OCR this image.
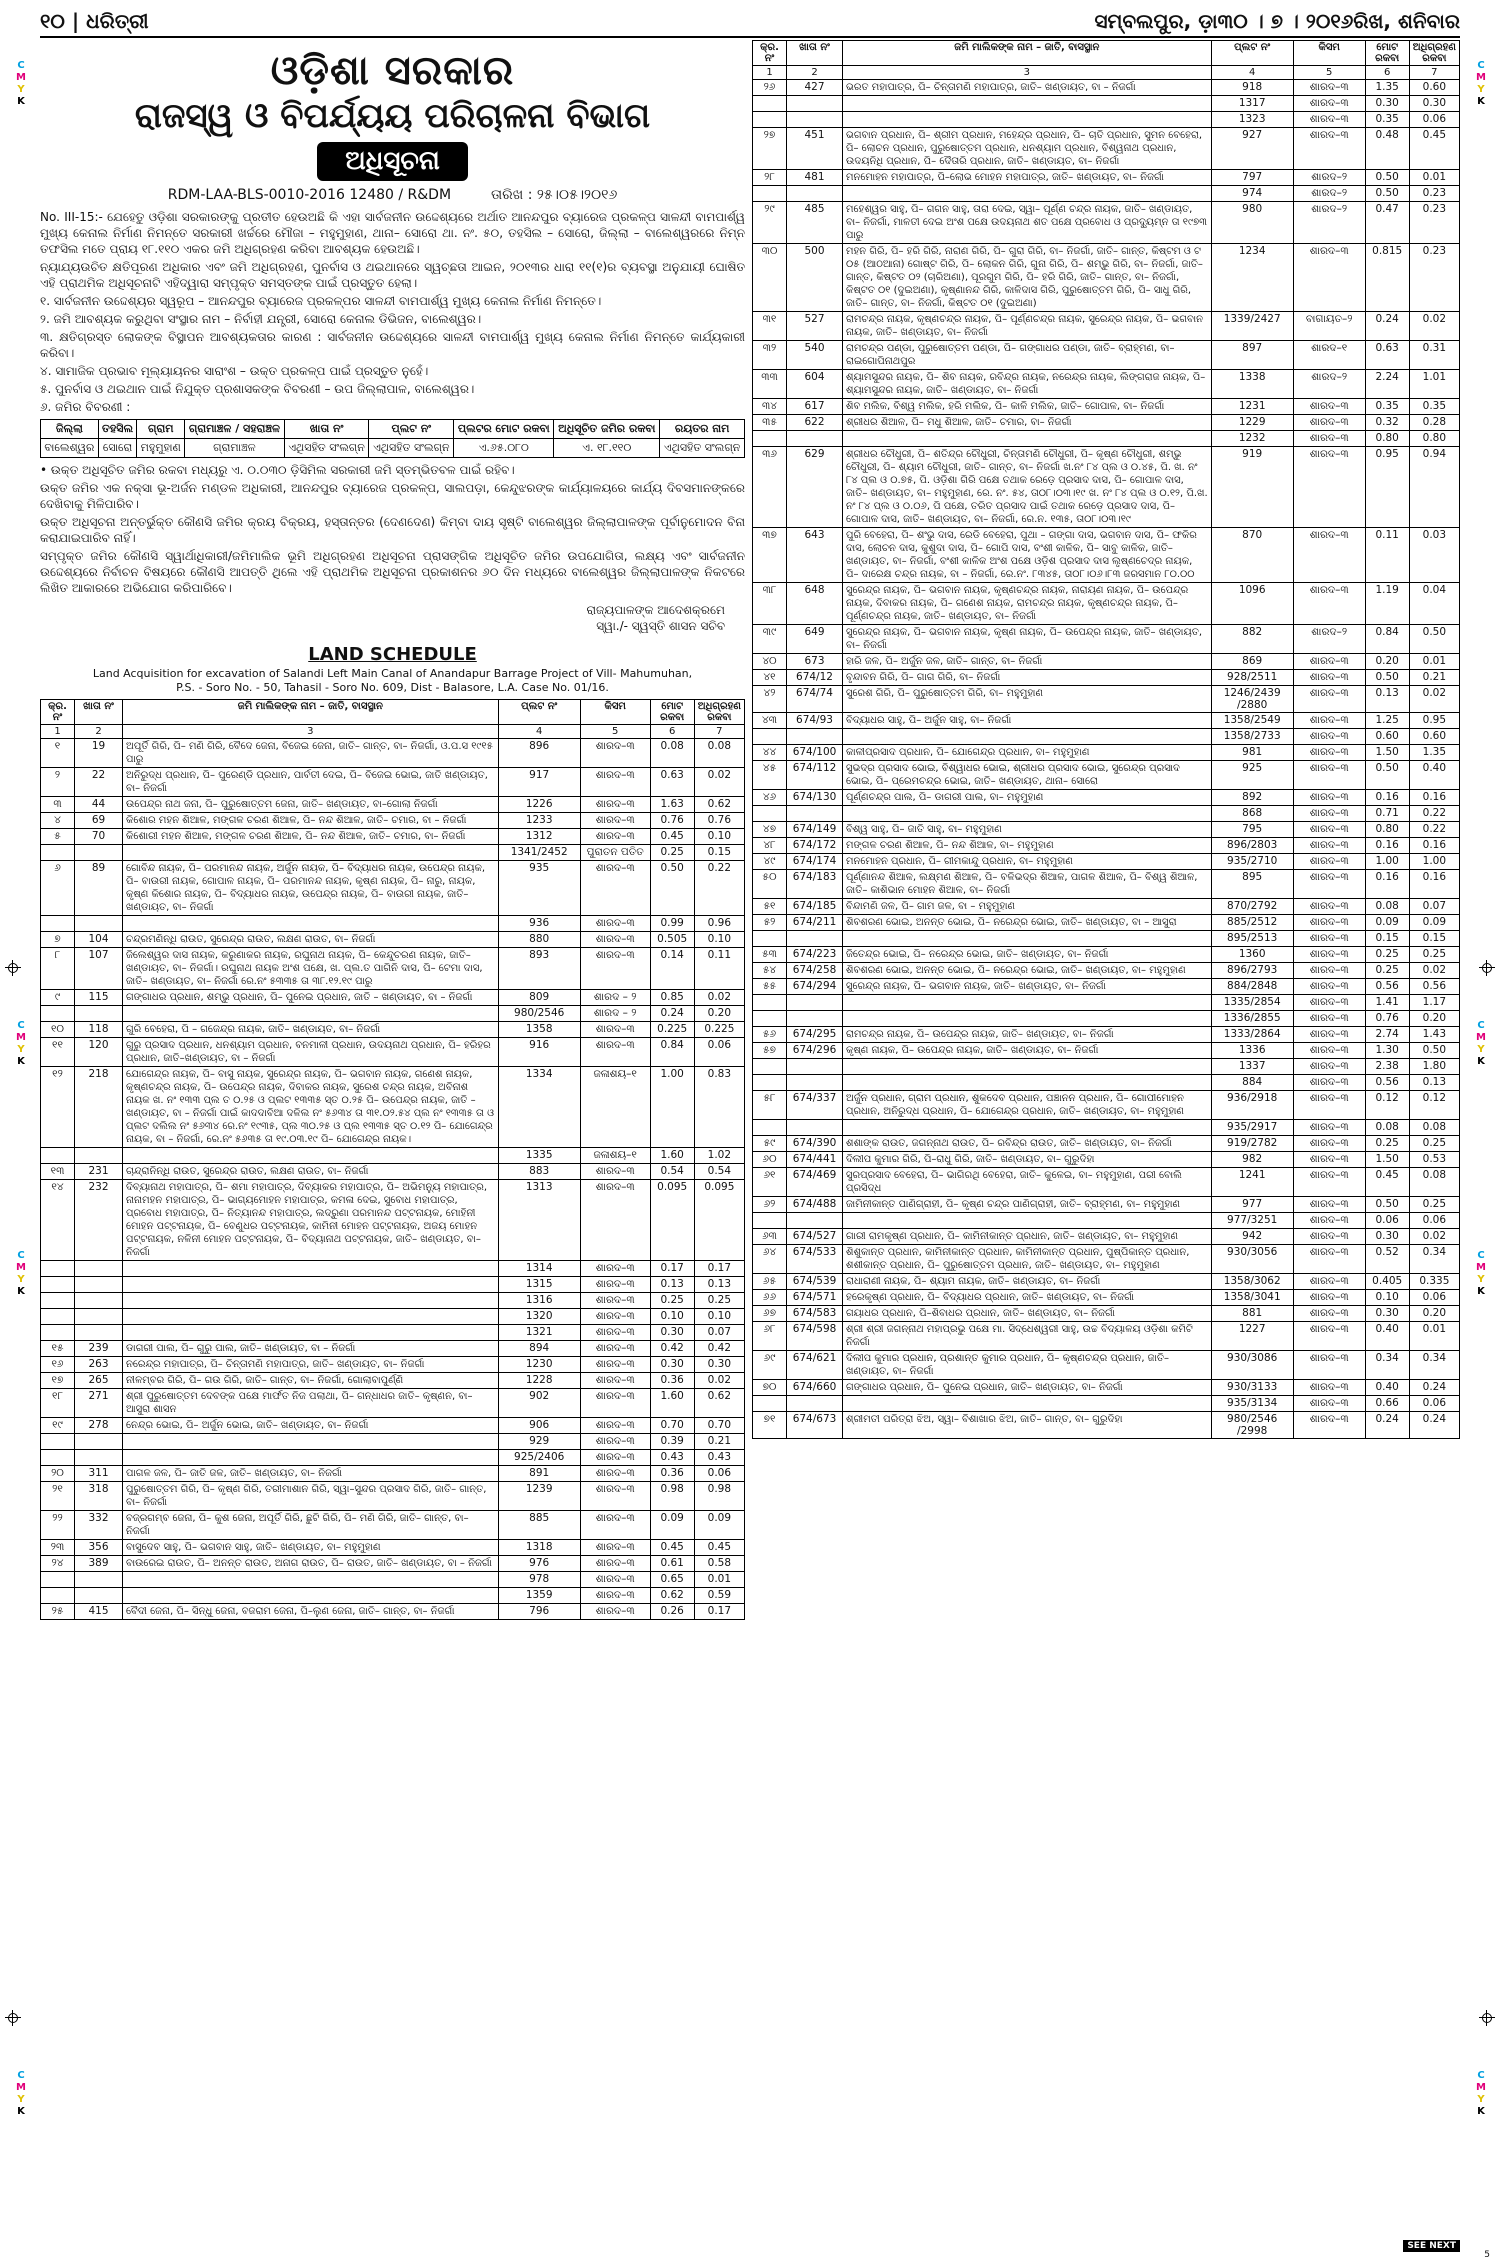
୧୦ | ଧରିତ୍ରୀ	ସମ୍ବଲପୁର, ଡ଼ା୩୦ । ୭ । ୨୦୧୬ରିଖ, ଶନିବାର
ଓଡ଼ିଶା ସରକାର
ରାଜସ୍ୱ ଓ ବିପର୍ଯ୍ୟୟ ପରିଚାଳନା ବିଭାଗ
ଅଧିସୂଚନା
RDM-LAA-BLS-0010-2016 12480 / R&DM	ତାରିଖ : ୨୫।୦୫।୨୦୧୬

No. III-15:- ଯେହେତୁ ଓଡ଼ିଶା ସରକାରଙ୍କୁ ପ୍ରତୀତ ହେଉଅଛି କି ଏହା ସାର୍ବଜନୀନ ଉଦ୍ଦେଶ୍ୟରେ ଅର୍ଥାତ ଆନନ୍ଦପୁର ବ୍ୟାରେଜ ପ୍ରକଳ୍ପ ସାଳନ୍ଦୀ ବାମପାର୍ଶ୍ୱ ମୁଖ୍ୟ କେନାଲ ନିର୍ମାଣ ନିମନ୍ତେ ସରକାରୀ ଖର୍ଚ୍ଚରେ ମୌଜା – ମହୁମୁହାଣ, ଥାନା– ସୋରୋ ଥା. ନଂ. ୫୦, ତହସିଲ – ସୋରୋ, ଜିଲ୍ଲା – ବାଲେଶ୍ୱରରେ ନିମ୍ନ ତଫସିଲ ମତେ ପ୍ରାୟ ୧୮.୧୧୦ ଏକର ଜମି ଅଧିଗ୍ରହଣ କରିବା ଆବଶ୍ୟକ ହେଉଅଛି।

ନ୍ୟାଯ୍ୟଉଚିତ କ୍ଷତିପୂରଣ ଅଧିକାର ଏବଂ ଜମି ଅଧିଗ୍ରହଣ, ପୁନର୍ବାସ ଓ ଥଇଥାନରେ ସ୍ୱଚ୍ଛତା ଆଇନ, ୨୦୧୩ର ଧାରା ୧୧(୧)ର ବ୍ୟବସ୍ଥା ଅନୁଯାୟୀ ଘୋଷିତ ଏହି ପ୍ରାଥମିକ ଅଧିସୂଚନାଟି ଏହିଦ୍ୱାରା ସମ୍ପୃକ୍ତ ସମସ୍ତଙ୍କ ପାଇଁ ପ୍ରସ୍ତୁତ ହେଲା।

୧. ସାର୍ବଜନୀନ ଉଦ୍ଦେଶ୍ୟର ସ୍ୱରୂପ – ଆନନ୍ଦପୁର ବ୍ୟାରେଜ ପ୍ରକଳ୍ପର ସାଳନ୍ଦୀ ବାମପାର୍ଶ୍ୱ ମୁଖ୍ୟ କେନାଲ ନିର୍ମାଣ ନିମନ୍ତେ।

୨. ଜମି ଆବଶ୍ୟକ କରୁଥିବା ସଂସ୍ଥାର ନାମ – ନିର୍ବାହୀ ଯନ୍ତ୍ରୀ, ସୋରୋ କେନାଲ ଡିଭିଜନ, ବାଲେଶ୍ୱର।

୩. କ୍ଷତିଗ୍ରସ୍ତ ଲୋକଙ୍କ ବିସ୍ଥାପନ ଆବଶ୍ୟକତାର କାରଣ : ସାର୍ବଜନୀନ ଉଦ୍ଦେଶ୍ୟରେ ସାଳନ୍ଦୀ ବାମପାର୍ଶ୍ୱ ମୁଖ୍ୟ କେନାଲ ନିର୍ମାଣ ନିମନ୍ତେ କାର୍ଯ୍ୟକାରୀ କରିବା।

୪. ସାମାଜିକ ପ୍ରଭାବ ମୂଲ୍ୟାୟନର ସାରାଂଶ – ଉକ୍ତ ପ୍ରକଳ୍ପ ପାଇଁ ପ୍ରସ୍ତୁତ ନୁହେଁ।

୫. ପୁନର୍ବାସ ଓ ଥଇଥାନ ପାଇଁ ନିଯୁକ୍ତ ପ୍ରଶାସକଙ୍କ ବିବରଣୀ – ଉପ ଜିଲ୍ଲାପାଳ, ବାଲେଶ୍ୱର।

୬. ଜମିର ବିବରଣୀ :

ଜିଲ୍ଲା	ତହସିଲ	ଗ୍ରାମ	ଗ୍ରାମାଞ୍ଚଳ / ସହରାଞ୍ଚଳ	ଖାତା ନଂ	ପ୍ଲଟ ନଂ	ପ୍ଲଟର ମୋଟ ରକବା	ଅଧିସୂଚିତ ଜମିର ରକବା	ରୟତର ନାମ
ବାଲେଶ୍ୱର	ସୋରୋ	ମହୁମୁହାଣ	ଗ୍ରାମାଞ୍ଚଳ	ଏଥିସହିତ ସଂଲଗ୍ନ	ଏଥିସହିତ ସଂଲଗ୍ନ	ଏ.୬୫.୦୮୦	ଏ. ୧୮.୧୧୦	ଏଥିସହିତ ସଂଲଗ୍ନ

• ଉକ୍ତ ଅଧିସୂଚିତ ଜମିର ରକବା ମଧ୍ୟରୁ ଏ. ୦.୦୩୦ ଡ଼ିସିମିଲ ସରକାରୀ ଜମି ସ୍ତମ୍ଭିତବଳ ପାଇଁ ରହିବ।

ଉକ୍ତ ଜମିର ଏକ ନକ୍ସା ଭୂ-ଅର୍ଜନ ମଣ୍ଡଳ ଅଧିକାରୀ, ଆନନ୍ଦପୁର ବ୍ୟାରେଜ ପ୍ରକଳ୍ପ, ସାଲପଡ଼ା, କେନ୍ଦୁଝରଙ୍କ କାର୍ଯ୍ୟାଳୟରେ କାର୍ଯ୍ୟ ଦିବସମାନଙ୍କରେ ଦେଖିବାକୁ ମିଳିପାରିବ।

ଉକ୍ତ ଅଧିସୂଚନା ଅନ୍ତର୍ଭୁକ୍ତ କୌଣସି ଜମିର କ୍ରୟ ବିକ୍ରୟ, ହସ୍ତାନ୍ତର (ଦେଣଦେଣ) କିମ୍ବା ଦାୟ ସୃଷ୍ଟି ବାଲେଶ୍ୱର ଜିଲ୍ଲାପାଳଙ୍କ ପୂର୍ବାନୁମୋଦନ ବିନା କରାଯାଇପାରିବ ନାହିଁ।

ସମ୍ପୃକ୍ତ ଜମିର କୌଣସି ସ୍ୱାର୍ଥାଧିକାରୀ/ଜମିମାଲିକ ଭୂମି ଅଧିଗ୍ରହଣ ଅଧିସୂଚନା ପ୍ରାସଙ୍ଗିକ ଅଧିସୂଚିତ ଜମିର ଉପଯୋଗିତା, ଲକ୍ଷ୍ୟ ଏବଂ ସାର୍ବଜନୀନ ଉଦ୍ଦେଶ୍ୟରେ ନିର୍ବାଚନ ବିଷୟରେ କୌଣସି ଆପତ୍ତି ଥିଲେ ଏହି ପ୍ରାଥମିକ ଅଧିସୂଚନା ପ୍ରକାଶନର ୬୦ ଦିନ ମଧ୍ୟରେ ବାଲେଶ୍ୱର ଜିଲ୍ଲାପାଳଙ୍କ ନିକଟରେ ଲିଖିତ ଆକାରରେ ଅଭିଯୋଗ କରିପାରିବେ।

ରାଜ୍ୟପାଳଙ୍କ ଆଦେଶକ୍ରମେ
ସ୍ୱା./- ସ୍ୱସ୍ତି ଶାସନ ସଚିବ
LAND SCHEDULE
Land Acquisition for excavation of Salandi Left Main Canal of Anandapur Barrage Project of Vill- Mahumuhan,
P.S. - Soro No. - 50, Tahasil - Soro No. 609, Dist - Balasore, L.A. Case No. 01/16.
କ୍ର. ନଂ	ଖାତା ନଂ	ଜମି ମାଲିକଙ୍କ ନାମ – ଜାତି, ବାସସ୍ଥାନ	ପ୍ଲଟ ନଂ	କିସମ	ମୋଟ ରକବା	ଅଧିଗ୍ରହଣ ରକବା
1	2	3	4	5	6	7
୧	19	ଅପୂର୍ତି ଗିରି, ପି– ମଣି ଗିରି, ବୈଦେ ଜେନା, ବିଜେଇ ଜେନା, ଜାତି– ଗାନ୍ତ, ବା– ନିଜର୍ଗା, ଓ.ପ.ସ ୧୯୧୫ ପାରୁ	896	ଶାରଦ–୩	0.08	0.08
୨	22	ଅନିରୁଦ୍ଧ ପ୍ରଧାନ, ପି– ପୁରେଣ୍ଡି ପ୍ରଧାନ, ପାର୍ବତୀ ଦେଇ, ପି– ବିଜେଇ ଭୋଇ, ଜାତି ଖଣ୍ଡାୟତ, ବା– ନିଜର୍ଗା	917	ଶାରଦ–୩	0.63	0.02
୩	44	ଉପେନ୍ଦ୍ର ନାଥ ଜନା, ପି– ପୁରୁଷୋତ୍ତମ ଜେନା, ଜାତି– ଖଣ୍ଡାୟତ, ବା–ଗୋଲା ନିଜର୍ଗା	1226	ଶାରଦ–୩	1.63	0.62
୪	69	କିଶୋର ମହନ ଶିଆଳ, ମଙ୍ଗଳ ଚରଣ ଶିଆଳ, ପି– ନନ୍ଦ ଶିଆଳ, ଜାତି– ଚମାର, ବା – ନିଜର୍ଗା	1233	ଶାରଦ–୩	0.76	0.76
୫	70	କିଶୋରୀ ମହନ ଶିଆଳ, ମଙ୍ଗଳ ଚରଣ ଶିଆଳ, ପି– ନନ୍ଦ ଶିଆଳ, ଜାତି– ଚମାର, ବା– ନିଜର୍ଗା	1312	ଶାରଦ–୩	0.45	0.10
			1341/2452	ପୁରାତନ ପତିତ	0.25	0.15
୬	89	ଗୋବିନ୍ଦ ନାୟକ, ପି– ପରମାନନ୍ଦ ନାୟକ, ଅର୍ଜୁନ ନାୟକ, ପି– ବିଦ୍ୟାଧର ନାୟକ, ଉପେନ୍ଦ୍ର ନାୟକ, ପି– ବାଉରୀ ନାୟକ, ଗୋପାଳ ନାୟକ, ପି– ପରମାନନ୍ଦ ନାୟକ, କୃଷ୍ଣ ନାୟକ, ପି– ନାରୁ, ନାୟକ, କୃଷ୍ଣ କିଶୋର ନାୟକ, ପି– ବିଦ୍ୟାଧର ନାୟକ, ଉପେନ୍ଦ୍ର ନାୟକ, ପି– ବାଉରୀ ନାୟକ, ଜାତି– ଖଣ୍ଡାୟତ, ବା– ନିଜର୍ଗା	935	ଶାରଦ–୩	0.50	0.22
			936	ଶାରଦ–୩	0.99	0.96
୭	104	ଚନ୍ଦ୍ରମଣିନ୍ଧି ରାଉତ, ସୁରେନ୍ଦ୍ର ରାଉତ, ଲକ୍ଷଣ ରାଉତ, ବା– ନିଜର୍ଗା	880	ଶାରଦ–୩	0.505	0.10
୮	107	ଜିଲେଶ୍ୱର ଦାସ ନାୟକ, କରୁଣାକର ନାୟକ, ରଘୁନାଥ ନାୟକ, ପି– କେନ୍ଦୁଚରଣ ନାୟକ, ଜାତି– ଖଣ୍ଡାୟତ, ବା– ନିଜର୍ଗା। ରଘୁନାଥ ନାୟକ ଅଂଶ ପକ୍ଷେ, ଖ. ପ୍ଲ.ତ ପାଗିନି ଦାସ, ପି– ଟେମା ଦାସ, ଜାତି– ଖଣ୍ଡାୟତ, ବା– ନିଜର୍ଗା ରେ.ନଂ ୫୩୩୫ ତା ୩୮.୧୨.୧୯ ପାରୁ	893	ଶାରଦ–୩	0.14	0.11
୯	115	ଗଙ୍ଗାଧର ପ୍ରଧାନ, ଶମ୍ଭୁ ପ୍ରଧାନ, ପି– ପୁନେଇ ପ୍ରଧାନ, ଜାତି – ଖଣ୍ଡାୟତ, ବା – ନିଜର୍ଗା	809	ଶାରଦ – ୨	0.85	0.02
			980/2546	ଶାରଦ – ୨	0.24	0.20
୧୦	118	ଗୁରି ବେହେରା, ପି – ଗଜେନ୍ଦ୍ର ନାୟକ, ଜାତି– ଖଣ୍ଡାୟତ, ବା– ନିଜର୍ଗା	1358	ଶାରଦ–୩	0.225	0.225
୧୧	120	ଗୁରୁ ପ୍ରସାଦ ପ୍ରଧାନ, ଧନଶ୍ୟାମ ପ୍ରଧାନ, ବନମାଳୀ ପ୍ରଧାନ, ଉଦୟନାଥ ପ୍ରଧାନ, ପି– ହରିହର ପ୍ରଧାନ, ଜାତି–ଖଣ୍ଡାୟତ, ବା – ନିଜର୍ଗା	916	ଶାରଦ–୩	0.84	0.06
୧୨	218	ଯୋଗେନ୍ଦ୍ର ନାୟକ, ପି– ବାସୁ ନାୟକ, ସୁରେନ୍ଦ୍ର ନାୟକ, ପି– ଭଗବାନ ନାୟକ, ଗଣେଶ ନାୟକ, କୃଷ୍ଣଚନ୍ଦ୍ର ନାୟକ, ପି– ଉପେନ୍ଦ୍ର ନାୟକ, ଦିବାକର ନାୟକ, ସୁରେଶ ଚନ୍ଦ୍ର ନାୟକ, ଅବିନାଶ ନାୟକ ଖ. ନଂ ୧୩୩ ପ୍ଲ ତ ୦.୨୫ ଓ ପ୍ଲଟ ୧୩୩୫ ସ୍ତ ୦.୨୫ ପି– ଉପେନ୍ଦ୍ର ନାୟକ, ଜାତି – ଖଣ୍ଡାୟତ, ବା – ନିଜର୍ଗା ପାଇଁ କାଦଦାବିଆ ଦଳିଲ ନଂ ୫୬୩୪ ତା ୩୧.୦୨.୫୪ ପ୍ଲ ନଂ ୧୩୩୫ ତା ଓ ପ୍ଲଟ ଦଲିଲ ନଂ ୫୬୩୪ ରେ.ନଂ ୧୯୩୫, ପ୍ଲ ୩୦.୨୫ ଓ ପ୍ଲ ୧୩୩୫ ସ୍ତ ୦.୧୨ ପି– ଯୋଗେନ୍ଦ୍ର ନାୟକ, ବା – ନିଜର୍ଗା, ରେ.ନଂ ୫୬୩୫ ତା ୧୯.୦୩.୧୯ ପି– ଯୋଗେନ୍ଦ୍ର ନାୟକ।	1334	ଜଳାଶୟ–୧	1.00	0.83
			1335	ଜଳାଶୟ–୧	1.60	1.02
୧୩	231	ଚାନ୍ଦ୍ରାନିନ୍ଧି ରାଉତ, ସୁରେନ୍ଦ୍ର ରାଉତ, ଲକ୍ଷଣ ରାଉତ, ବା– ନିଜର୍ଗା	883	ଶାରଦ–୩	0.54	0.54
୧୪	232	ଦିବ୍ୟାନାଥ ମହାପାତ୍ର, ପି– ଶମା ମହାପାତ୍ର, ଦିବ୍ୟାକର ମହାପାତ୍ର, ପି– ଅଭିମନ୍ୟୁ ମହାପାତ୍ର, ନାନାମହନ ମହାପାତ୍ର, ପି– ଭାଗ୍ୟମୋହନ ମହାପାତ୍ର, କମଳା ଦେଇ, ସୁବୋଧ ମହାପାତ୍ର, ପ୍ରବୋଧ ମହାପାତ୍ର, ପି– ନିତ୍ୟାନନ୍ଦ ମହାପାତ୍ର, ଲଦ୍ରୁଣା ପରମାନନ୍ଦ ପଟ୍ଟନାୟକ, ମୋହିନୀ ମୋହନ ପଟ୍ଟନାୟକ, ପି– ବେଣୁଧର ପଟ୍ଟନାୟକ, କାମିନୀ ମୋହନ ପଟ୍ଟନାୟକ, ଅଜୟ ମୋହନ ପଟ୍ଟନାୟକ, ନଳିନୀ ମୋହନ ପଟ୍ଟନାୟକ, ପି– ବିଦ୍ୟାନାଥ ପଟ୍ଟନାୟକ, ଜାତି– ଖଣ୍ଡାୟତ, ବା– ନିଜର୍ଗା	1313	ଶାରଦ–୩	0.095	0.095
			1314	ଶାରଦ–୩	0.17	0.17
			1315	ଶାରଦ–୩	0.13	0.13
			1316	ଶାରଦ–୩	0.25	0.25
			1320	ଶାରଦ–୩	0.10	0.10
			1321	ଶାରଦ–୩	0.30	0.07
୧୫	239	ଡାଗରୀ ପାଲ, ପି– ଗୁରୁ ପାଲ, ଜାତି– ଖଣ୍ଡାୟତ, ବା – ନିଜର୍ଗା	894	ଶାରଦ–୩	0.42	0.42
୧୬	263	ନରେନ୍ଦ୍ର ମହାପାତ୍ର, ପି– ଚିନ୍ତାମଣି ମହାପାତ୍ର, ଜାତି– ଖଣ୍ଡାୟତ, ବା– ନିଜର୍ଗା	1230	ଶାରଦ–୩	0.30	0.30
୧୭	265	ନୀଳମ୍ବର ଗିରି, ପି– ଗଉ ଗିରି, ଜାତି– ଗାନ୍ତ, ବା– ନିଜର୍ଗା, ଗୋଲାବାପୁର୍ଣ୍ଣି	1228	ଶାରଦ–୩	0.36	0.02
୧୮	271	ଶ୍ରୀ ପୁରୁଷୋତ୍ତମ ଦେବଙ୍କ ପକ୍ଷେ ମାର୍ଫତ ନିଜ ପଲାଥା, ପି– ଗନ୍ଧାଧର ଜାତି– କୃଷ୍ଣନ, ବା– ଆସୁରା ଶାସନ	902	ଶାରଦ–୩	1.60	0.62
୧୯	278	ନେନ୍ଦ୍ର ଭୋଇ, ପି– ଅର୍ଜୁନ ଭୋଇ, ଜାତି– ଖଣ୍ଡାୟତ, ବା– ନିଜର୍ଗା	906	ଶାରଦ–୩	0.70	0.70
			929	ଶାରଦ–୩	0.39	0.21
			925/2406	ଶାରଦ–୩	0.43	0.43
୨୦	311	ପାଗଳ ଜଳ, ପି– ଜାତି ଜଳ, ଜାତି– ଖଣ୍ଡାୟତ, ବା– ନିଜର୍ଗା	891	ଶାରଦ–୩	0.36	0.06
୨୧	318	ପୁରୁଷୋତ୍ତମ ଗିରି, ପି– କୃଷ୍ଣ ଗିରି, ତରୀମାଶାନ ଗିରି, ସ୍ୱା–ସୁନ୍ଦର ପ୍ରସାଦ ଗିରି, ଜାତି– ଗାନ୍ତ, ବା– ନିଜର୍ଗା	1239	ଶାରଦ–୩	0.98	0.98
୨୨	332	ବଜ୍ରଗମ୍ବ ଜେନା, ପି– କୁଶ ଜେନା, ଅପୂର୍ତି ଗିରି, ଛୁଟି ଗିରି, ପି– ମଣି ଗିରି, ଜାତି– ଗାନ୍ତ, ବା– ନିଜର୍ଗା	885	ଶାରଦ–୩	0.09	0.09
୨୩	356	ବାସୁଦେବ ସାହୁ, ପି– ଭଗବାନ ସାହୁ, ଜାତି– ଖଣ୍ଡାୟତ, ବା– ମହୁମୁହାଣ	1318	ଶାରଦ–୩	0.45	0.45
୨୪	389	ବାଉରେଇ ରାଉତ, ପି– ଅନନ୍ତ ରାଉତ, ଅନାଗ ରାଉତ, ପି– ରାଉତ, ଜାତି– ଖଣ୍ଡାୟତ, ବା – ନିଜର୍ଗା	976	ଶାରଦ–୩	0.61	0.58
			978	ଶାରଦ–୩	0.65	0.01
			1359	ଶାରଦ–୩	0.62	0.59
୨୫	415	ବୈଦୀ ଜେନା, ପି– ସିନ୍ଧୁ ଜେନା, ବଜରାମ ଜେନା, ପି–ଲୁଣ ଜେନା, ଜାତି– ଗାନ୍ତ, ବା– ନିଜର୍ଗା	796	ଶାରଦ–୩	0.26	0.17
କ୍ର. ନଂ	ଖାତା ନଂ	ଜମି ମାଲିକଙ୍କ ନାମ – ଜାତି, ବାସସ୍ଥାନ	ପ୍ଲଟ ନଂ	କିସମ	ମୋଟ ରକବା	ଅଧିଗ୍ରହଣ ରକବା
1	2	3	4	5	6	7
୨୬	427	ଭରତ ମହାପାତ୍ର, ପି– ଚିନ୍ତାମଣି ମହାପାତ୍ର, ଜାତି– ଖଣ୍ଡାୟତ, ବା – ନିଜର୍ଗା	918	ଶାରଦ–୩	1.35	0.60
			1317	ଶାରଦ–୩	0.30	0.30
			1323	ଶାରଦ–୩	0.35	0.06
୨୭	451	ଭଗବାନ ପ୍ରଧାନ, ପି– ଶ୍ରୀମ ପ୍ରଧାନ, ମହେନ୍ଦ୍ର ପ୍ରଧାନ, ପି– ଚାତି ପ୍ରଧାନ, ସୁମନ ବେହେରା, ପି– ଲୋଚନ ପ୍ରଧାନ, ପୁରୁଷୋତ୍ତମ ପ୍ରଧାନ, ଧନଶ୍ୟାମ ପ୍ରଧାନ, ବିଶ୍ୱନାଥ ପ୍ରଧାନ, ଉଦୟନିଧି ପ୍ରଧାନ, ପି– ଦୈତାରି ପ୍ରଧାନ, ଜାତି– ଖଣ୍ଡାୟତ, ବା– ନିଜର୍ଗା	927	ଶାରଦ–୩	0.48	0.45
୨୮	481	ମନମୋହନ ମହାପାତ୍ର, ପି–ଲୋଭ ମୋହନ ମହାପାତ୍ର, ଜାତି– ଖଣ୍ଡାୟତ, ବା– ନିଜର୍ଗା	797	ଶାରଦ–୨	0.50	0.01
			974	ଶାରଦ–୨	0.50	0.23
୨୯	485	ମହେଶ୍ୱର ସାହୁ, ପି– ଗଗନ ସାହୁ, ତାରା ଦେଇ, ସ୍ୱା– ପୂର୍ଣ୍ଣ ଚନ୍ଦ୍ର ନାୟକ, ଜାତି– ଖଣ୍ଡାୟତ, ବା– ନିଜର୍ଗା, ମାଳତୀ ଦେଇ ଅଂଶ ପକ୍ଷେ ଉଦୟନାଥ ଶତ ପକ୍ଷେ ପ୍ରବୋଧ ଓ ପ୍ରଦ୍ୟୁମ୍ନ ତା ୧୯୭୩ ପାରୁ	980	ଶାରଦ–୨	0.47	0.23
୩୦	500	ମହନ ଗିରି, ପି– ହରି ଗିରି, ନାରାଣ ଗିରି, ପି– ଗୁରା ଗିରି, ବା– ନିଜର୍ଗା, ଜାତି– ଗାନ୍ତ, କିଷ୍ଟମ ଓ ଟ ୦୫ (ଆଠଆନା) ଗୋଷ୍ଟ ଗିରି, ପି– ଲୋକନ ଗିରି, ଗୁନା ଗିରି, ପି– ଶମ୍ଭୁ ଗିରି, ବା– ନିଜର୍ଗା, ଜାତି– ଗାନ୍ତ, କିଷ୍ଟତ ୦୨ (ଚାରିଅଣା), ପୂରଗୁମ ଗିରି, ପି– ହରି ଗିରି, ଜାତି– ଗାନ୍ତ, ବା– ନିଜର୍ଗା, କିଷ୍ଟତ ୦୧ (ଦୁଇଅଣା), କୃଷ୍ଣାନନ୍ଦ ଗିରି, କାଳିଦାସ ଗିରି, ପୁରୁଷୋତ୍ତମ ଗିରି, ପି– ସାଧୁ ଗିରି, ଜାତି– ଗାନ୍ତ, ବା– ନିଜର୍ଗା, କିଷ୍ଟତ ୦୧ (ଦୁଇଅଣା)	1234	ଶାରଦ–୩	0.815	0.23
୩୧	527	ରାମଚନ୍ଦ୍ର ନାୟକ, କୃଷ୍ଣଚନ୍ଦ୍ର ନାୟକ, ପି– ପୂର୍ଣ୍ଣଚନ୍ଦ୍ର ନାୟକ, ସୁରେନ୍ଦ୍ର ନାୟକ, ପି– ଭଗବାନ ନାୟକ, ଜାତି– ଖଣ୍ଡାୟତ, ବା– ନିଜର୍ଗା	1339/2427	ବାଗାୟତ–୨	0.24	0.02
୩୨	540	ରାମଚନ୍ଦ୍ର ପଣ୍ଡା, ପୁରୁଷୋତ୍ତମ ପଣ୍ଡା, ପି– ଗଙ୍ଗାଧର ପଣ୍ଡା, ଜାତି– ବ୍ରାହ୍ମଣ, ବା– ରାଇଗୋପିନାଥପୁର	897	ଶାରଦ–୧	0.63	0.31
୩୩	604	ଶ୍ୟାମସୁନ୍ଦର ନାୟକ, ପି– ଶିବ ନାୟକ, ରବିନ୍ଦ୍ର ନାୟକ, ନରେନ୍ଦ୍ର ନାୟକ, ଲିଙ୍ଗରାଜ ନାୟକ, ପି– ଶ୍ୟାମସୁନ୍ଦର ନାୟକ, ଜାତି– ଖଣ୍ଡାୟତ, ବା– ନିଜର୍ଗା	1338	ଶାରଦ–୨	2.24	1.01
୩୪	617	ଶିବ ମଲିକ, ବିଶ୍ୱ ମଲିକ, ହରି ମଲିକ, ପି– କାଳି ମଲିକ, ଜାତି– ଗୋପାଳ, ବା– ନିଜର୍ଗା	1231	ଶାରଦ–୩	0.35	0.35
୩୫	622	ଶ୍ରୀଧର ଶିଆଳ, ପି– ମଧୁ ଶିଆଳ, ଜାତି– ଚମାର, ବା– ନିଜର୍ଗା	1229	ଶାରଦ–୩	0.32	0.28
			1232	ଶାରଦ–୩	0.80	0.80
୩୬	629	ଶ୍ରୀଧର ଚୌଧୁରୀ, ପି– ଶତିନ୍ଦ୍ର ଚୌଧୁରୀ, ଚିନ୍ତାମଣି ଚୌଧୁରୀ, ପି– କୃଷ୍ଣ ଚୌଧୁରୀ, ଶମ୍ଭୁ ଚୌଧୁରୀ, ପି– ଶ୍ୟାମ ଚୌଧୁରୀ, ଜାତି– ଗାନ୍ତ, ବା– ନିଜର୍ଗା ଖ.ନଂ ୮୪ ପ୍ଲ ଓ ୦.୪୫, ପି. ଖ. ନଂ ୮୪ ପ୍ଲ ଓ ୦.୭୫, ପି. ଓଡ଼ିଶା ଗିରି ପକ୍ଷେ ତଥାକ ରେଡ଼େ ପ୍ରସାଦ ଦାସ, ପି– ଗୋପାଳ ଦାସ, ଜାତି– ଖଣ୍ଡାୟତ, ବା– ମହୁମୁହାଣ, ରେ. ନଂ. ୫୪, ତା୦୮।୦୩।୧୯ ଖ. ନଂ ୮୪ ପ୍ଲ ଓ ୦.୧୨, ପି.ଖ. ନଂ ୮୪ ପ୍ଲ ଓ ୦.୦୬, ପି ପକ୍ଷେ, ତରିତ ପ୍ରସାଦ ପାଇଁ ତଥାକ ରେଡ଼େ ପ୍ରସାଦ ଦାସ, ପି– ଗୋପାଳ ଦାସ, ଜାତି– ଖଣ୍ଡାୟତ, ବା– ନିଜର୍ଗା, ରେ.ନ. ୧୩୫, ତା୦୮।୦୩।୧୯	919	ଶାରଦ–୩	0.95	0.94
୩୭	643	ପୁରି ବେହେରା, ପି– ଶଂଭୁ ଦାସ, ରେଡି ବେହେରା, ପୁଥା – ଗଙ୍ଗା ଦାସ, ଭଗବାନ ଦାସ, ପି– ଫକିର ଦାସ, ଲୋଚନ ଦାସ, କୁଶୁଦା ଦାସ, ପି– ଗୋପି ଦାସ, ବଂଶୀ କାଳିକ, ପି– ସାବୁ କାଳିକ, ଜାତି– ଖଣ୍ଡାୟତ, ବା– ନିଜର୍ଗା, ବଂଶୀ କାଳିକ ଅଂଶ ପକ୍ଷେ ଓଡ଼ିଶ ପ୍ରସାଦ ଦାସ ଲୃଷ୍ଣଚେଦ୍ର ନାୟକ, ପି– ଦାରେକ୍ଷ ଚନ୍ଦ୍ର ନାୟକ, ବା – ନିଜର୍ଗା, ରେ.ନଂ. ୮୩୪୫, ତା୦୮।୦୬।୮୩ ଜରସମାନ ୮୦.୦୦	870	ଶାରଦ–୩	0.11	0.03
୩୮	648	ସୁରେନ୍ଦ୍ର ନାୟକ, ପି– ଭଗବାନ ନାୟକ, କୃଷ୍ଣଚନ୍ଦ୍ର ନାୟକ, ନାରାୟଣ ନାୟକ, ପି– ଉପେନ୍ଦ୍ର ନାୟକ, ଦିବାକର ନାୟକ, ପି– ଗଣେଶ ନାୟକ, ରାମଚନ୍ଦ୍ର ନାୟକ, କୃଷ୍ଣଚନ୍ଦ୍ର ନାୟକ, ପି– ପୂର୍ଣ୍ଣଚନ୍ଦ୍ର ନାୟକ, ଜାତି– ଖଣ୍ଡାୟତ, ବା– ନିଜର୍ଗା	1096	ଶାରଦ–୩	1.19	0.04
୩୯	649	ସୁରେନ୍ଦ୍ର ନାୟକ, ପି– ଭଗବାନ ନାୟକ, କୃଷ୍ଣ ନାୟକ, ପି– ଉପେନ୍ଦ୍ର ନାୟକ, ଜାତି– ଖଣ୍ଡାୟତ, ବା– ନିଜର୍ଗା	882	ଶାରଦ–୨	0.84	0.50
୪୦	673	ହାରି ଜଳ, ପି– ଅର୍ଜୁନ ଜଳ, ଜାତି– ଗାନ୍ତ, ବା– ନିଜର୍ଗା	869	ଶାରଦ–୩	0.20	0.01
୪୧	674/12	ବୃନ୍ଦାବନ ଗିରି, ପି– ଗାଗ ଗିରି, ବା– ନିଜର୍ଗା	928/2511	ଶାରଦ–୩	0.50	0.21
୪୨	674/74	ସୁରେଶ ଗିରି, ପି– ପୁରୁଷୋତ୍ତମ ଗିରି, ବା– ମହୁମୁହାଣ	1246/2439 /2880	ଶାରଦ–୩	0.13	0.02
୪୩	674/93	ବିଦ୍ୟାଧର ସାହୁ, ପି– ଅର୍ଜୁନ ସାହୁ, ବା– ନିଜର୍ଗା	1358/2549	ଶାରଦ–୩	1.25	0.95
			1358/2733	ଶାରଦ–୩	0.60	0.60
୪୪	674/100	କାଳୀପ୍ରସାଦ ପ୍ରଧାନ, ପି– ଯୋଗେନ୍ଦ୍ର ପ୍ରଧାନ, ବା– ମହୁମୁହାଣ	981	ଶାରଦ–୩	1.50	1.35
୪୫	674/112	ସୁଭଦ୍ର ପ୍ରସାଦ ଭୋଇ, ବିଶ୍ୱାଧର ଭୋଇ, ଶ୍ରୀଧର ପ୍ରସାଦ ଭୋଇ, ସୁରେନ୍ଦ୍ର ପ୍ରସାଦ ଭୋଇ, ପି– ପ୍ରେମଚନ୍ଦ୍ର ଭୋଇ, ଜାତି– ଖଣ୍ଡାୟତ, ଥାନା– ସୋରୋ	925	ଶାରଦ–୩	0.50	0.40
୪୬	674/130	ପୂର୍ଣ୍ଣଚନ୍ଦ୍ର ପାଲ, ପି– ଡାଗରୀ ପାଲ, ବା– ମହୁମୁହାଣ	892	ଶାରଦ–୩	0.16	0.16
			868	ଶାରଦ–୩	0.71	0.22
୪୭	674/149	ବିଶ୍ୱ ସାହୁ, ପି– ଜାତି ସାହୁ, ବା– ମହୁମୁହାଣ	795	ଶାରଦ–୩	0.80	0.22
୪୮	674/172	ମଙ୍ଗଳ ଚରଣ ଶିଆଳ, ପି– ନନ୍ଦ ଶିଆଳ, ବା– ମହୁମୁହାଣ	896/2803	ଶାରଦ–୩	0.16	0.16
୪୯	674/174	ମନମୋହନ ପ୍ରଧାନ, ପି– ଗୀମକାନ୍ଦୁ ପ୍ରଧାନ, ବା– ମହୁମୁହାଣ	935/2710	ଶାରଦ–୩	1.00	1.00
୫୦	674/183	ପୂର୍ଣ୍ଣାନନ୍ଦ ଶିଆଳ, ଲକ୍ଷ୍ମଣ ଶିଆଳ, ପି– ବଳିଭଦ୍ର ଶିଆଳ, ପାଗଳ ଶିଆଳ, ପି– ବିଶ୍ୱ ଶିଆଳ, ଜାତି– କାଶିଭାନ ମୋହନ ଶିଆଳ, ବା– ନିଜର୍ଗା	895	ଶାରଦ–୩	0.16	0.16
୫୧	674/185	ବିନ୍ଦାମଣି ଜଳ, ପି– ଗାମ ଜଳ, ବା – ମହୁମୁହାଣ	870/2792	ଶାରଦ–୩	0.08	0.07
୫୨	674/211	ଶିବଶରଣ ଭୋଇ, ଅନନ୍ତ ଭୋଇ, ପି– ନରେନ୍ଦ୍ର ଭୋଇ, ଜାତି– ଖଣ୍ଡାୟତ, ବା – ଆସୁରା	885/2512	ଶାରଦ–୩	0.09	0.09
			895/2513	ଶାରଦ–୩	0.15	0.15
୫୩	674/223	ଜିତେନ୍ଦ୍ର ଭୋଇ, ପି– ନରେନ୍ଦ୍ର ଭୋଇ, ଜାତି– ଖଣ୍ଡାୟତ, ବା– ନିଜର୍ଗା	1360	ଶାରଦ–୩	0.25	0.25
୫୪	674/258	ଶିବଶରଣ ଭୋଇ, ଅନନ୍ତ ଭୋଇ, ପି– ନରେନ୍ଦ୍ର ଭୋଇ, ଜାତି– ଖଣ୍ଡାୟତ, ବା– ମହୁମୁହାଣ	896/2793	ଶାରଦ–୩	0.25	0.02
୫୫	674/294	ସୁରେନ୍ଦ୍ର ନାୟକ, ପି– ଭଗବାନ ନାୟକ, ଜାତି– ଖଣ୍ଡାୟତ, ବା– ନିଜର୍ଗା	884/2848	ଶାରଦ–୩	0.56	0.56
			1335/2854	ଶାରଦ–୩	1.41	1.17
			1336/2855	ଶାରଦ–୩	0.76	0.20
୫୬	674/295	ରାମଚନ୍ଦ୍ର ନାୟକ, ପି– ଉପେନ୍ଦ୍ର ନାୟକ, ଜାତି– ଖଣ୍ଡାୟତ, ବା– ନିଜର୍ଗା	1333/2864	ଶାରଦ–୩	2.74	1.43
୫୭	674/296	କୃଷ୍ଣ ନାୟକ, ପି– ଉପେନ୍ଦ୍ର ନାୟକ, ଜାତି– ଖଣ୍ଡାୟତ, ବା– ନିଜର୍ଗା	1336	ଶାରଦ–୩	1.30	0.50
			1337	ଶାରଦ–୩	2.38	1.80
			884	ଶାରଦ–୩	0.56	0.13
୫୮	674/337	ଅର୍ଜୁନ ପ୍ରଧାନ, ଗ୍ରାମ ପ୍ରଧାନ, ଶୁକଦେବ ପ୍ରଧାନ, ପଞ୍ଚାନନ ପ୍ରଧାନ, ପି– ଗୋପୀମୋହନ ପ୍ରଧାନ, ଅନିରୁଦ୍ଧ ପ୍ରଧାନ, ପି– ଯୋଗେନ୍ଦ୍ର ପ୍ରଧାନ, ଜାତି– ଖଣ୍ଡାୟତ, ବା– ମହୁମୁହାଣ	936/2918	ଶାରଦ–୩	0.12	0.12
			935/2917	ଶାରଦ–୩	0.08	0.08
୫୯	674/390	ଶଶାଙ୍କ ରାଉତ, ଜଗନ୍ନାଥ ରାଉତ, ପି– ରବିନ୍ଦ୍ର ରାଉତ, ଜାତି– ଖଣ୍ଡାୟତ, ବା– ନିଜର୍ଗା	919/2782	ଶାରଦ–୩	0.25	0.25
୬୦	674/441	ଦିଲୀପ କୁମାର ଗିରି, ପି–ରାଧୁ ଗିରି, ଜାତି– ଖଣ୍ଡାୟତ, ବା– ଗୁରୁଦିହା	982	ଶାରଦ–୩	1.50	0.53
୬୧	674/469	ସୁରପ୍ରସାଦ ବେହେରା, ପି– ଭାଗିରଥି ବେହେରା, ଜାତି– କୁଳେଇ, ବା– ମହୁମୁହାଣ, ପରୀ ବୋଲି ପ୍ରସିଦ୍ଧ	1241	ଶାରଦ–୩	0.45	0.08
୬୨	674/488	ଜାମିନୀକାନ୍ତ ପାଣିଗ୍ରାହୀ, ପି– କୃଷ୍ଣ ଚନ୍ଦ୍ର ପାଣିଗ୍ରାହୀ, ଜାତି– ବ୍ରାହ୍ମଣ, ବା– ମହୁମୁହାଣ	977	ଶାରଦ–୩	0.50	0.25
			977/3251	ଶାରଦ–୩	0.06	0.06
୬୩	674/527	ଗାରୀ ରାମକୃଷ୍ଣ ପ୍ରଧାନ, ପି– କାମିନୀକାନ୍ତ ପ୍ରଧାନ, ଜାତି– ଖଣ୍ଡାୟତ, ବା– ମହୁମୁହାଣ	942	ଶାରଦ–୩	0.30	0.02
୬୪	674/533	ଶିଶୁକାନ୍ତ ପ୍ରଧାନ, କାମିନୀକାନ୍ତ ପ୍ରଧାନ, କାମିନୀକାନ୍ତ ପ୍ରଧାନ, ପୁଷ୍ପିକାନ୍ତ ପ୍ରଧାନ, ଶଶୀକାନ୍ତ ପ୍ରଧାନ, ପି– ପୁରୁଷୋତ୍ତମ ପ୍ରଧାନ, ଜାତି– ଖଣ୍ଡାୟତ, ବା– ମହୁମୁହାଣ	930/3056	ଶାରଦ–୩	0.52	0.34
୬୫	674/539	ରାଧାରାଣୀ ନାୟକ, ପି– ଶ୍ୟାମ ନାୟକ, ଜାତି– ଖଣ୍ଡାୟତ, ବା– ନିଜର୍ଗା	1358/3062	ଶାରଦ–୩	0.405	0.335
୬୬	674/571	ହରେକୃଷ୍ଣ ପ୍ରଧାନ, ପି– ବିଦ୍ୟାଧର ପ୍ରଧାନ, ଜାତି– ଖଣ୍ଡାୟତ, ବା– ନିଜର୍ଗା	1358/3041	ଶାରଦ–୩	0.10	0.06
୬୭	674/583	ଗୟାଧର ପ୍ରଧାନ, ପି–ଶିବାଧର ପ୍ରଧାନ, ଜାତି– ଖଣ୍ଡାୟତ, ବା– ନିଜର୍ଗା	881	ଶାରଦ–୩	0.30	0.20
୬୮	674/598	ଶ୍ରୀ ଶ୍ରୀ ଜଗନ୍ନାଥ ମହାପ୍ରଭୁ ପକ୍ଷେ ମା. ସିଦ୍ଧେଶ୍ୱରୀ ସାହୁ, ଉଚ୍ଚ ବିଦ୍ୟାଳୟ ଓଡ଼ିଶା କମିଟି ନିଜର୍ଗା	1227	ଶାରଦ–୩	0.40	0.01
୬୯	674/621	ଦିଲୀପ କୁମାର ପ୍ରଧାନ, ପ୍ରଶାନ୍ତ କୁମାର ପ୍ରଧାନ, ପି– କୃଷ୍ଣଚନ୍ଦ୍ର ପ୍ରଧାନ, ଜାତି– ଖଣ୍ଡାୟତ, ବା– ନିଜର୍ଗା	930/3086	ଶାରଦ–୩	0.34	0.34
୭୦	674/660	ଗଙ୍ଗାଧର ପ୍ରଧାନ, ପି– ପୁନେଇ ପ୍ରଧାନ, ଜାତି– ଖଣ୍ଡାୟତ, ବା– ନିଜର୍ଗା	930/3133	ଶାରଦ–୩	0.40	0.24
			935/3134	ଶାରଦ–୩	0.66	0.06
୭୧	674/673	ଶ୍ରୀମତୀ ପରିତ୍ରା ଝିଅ, ସ୍ୱା– ବିଶାଖାର ଝିଅ, ଜାତି– ଗାନ୍ତ, ବା– ଗୁରୁଦିହା	980/2546 /2998	ଶାରଦ–୩	0.24	0.24
SEE NEXT
5
C
M
Y
K
C
M
Y
K
C
M
Y
K
C
M
Y
K
C
M
Y
K
C
M
Y
K
C
M
Y
K
C
M
Y
K
